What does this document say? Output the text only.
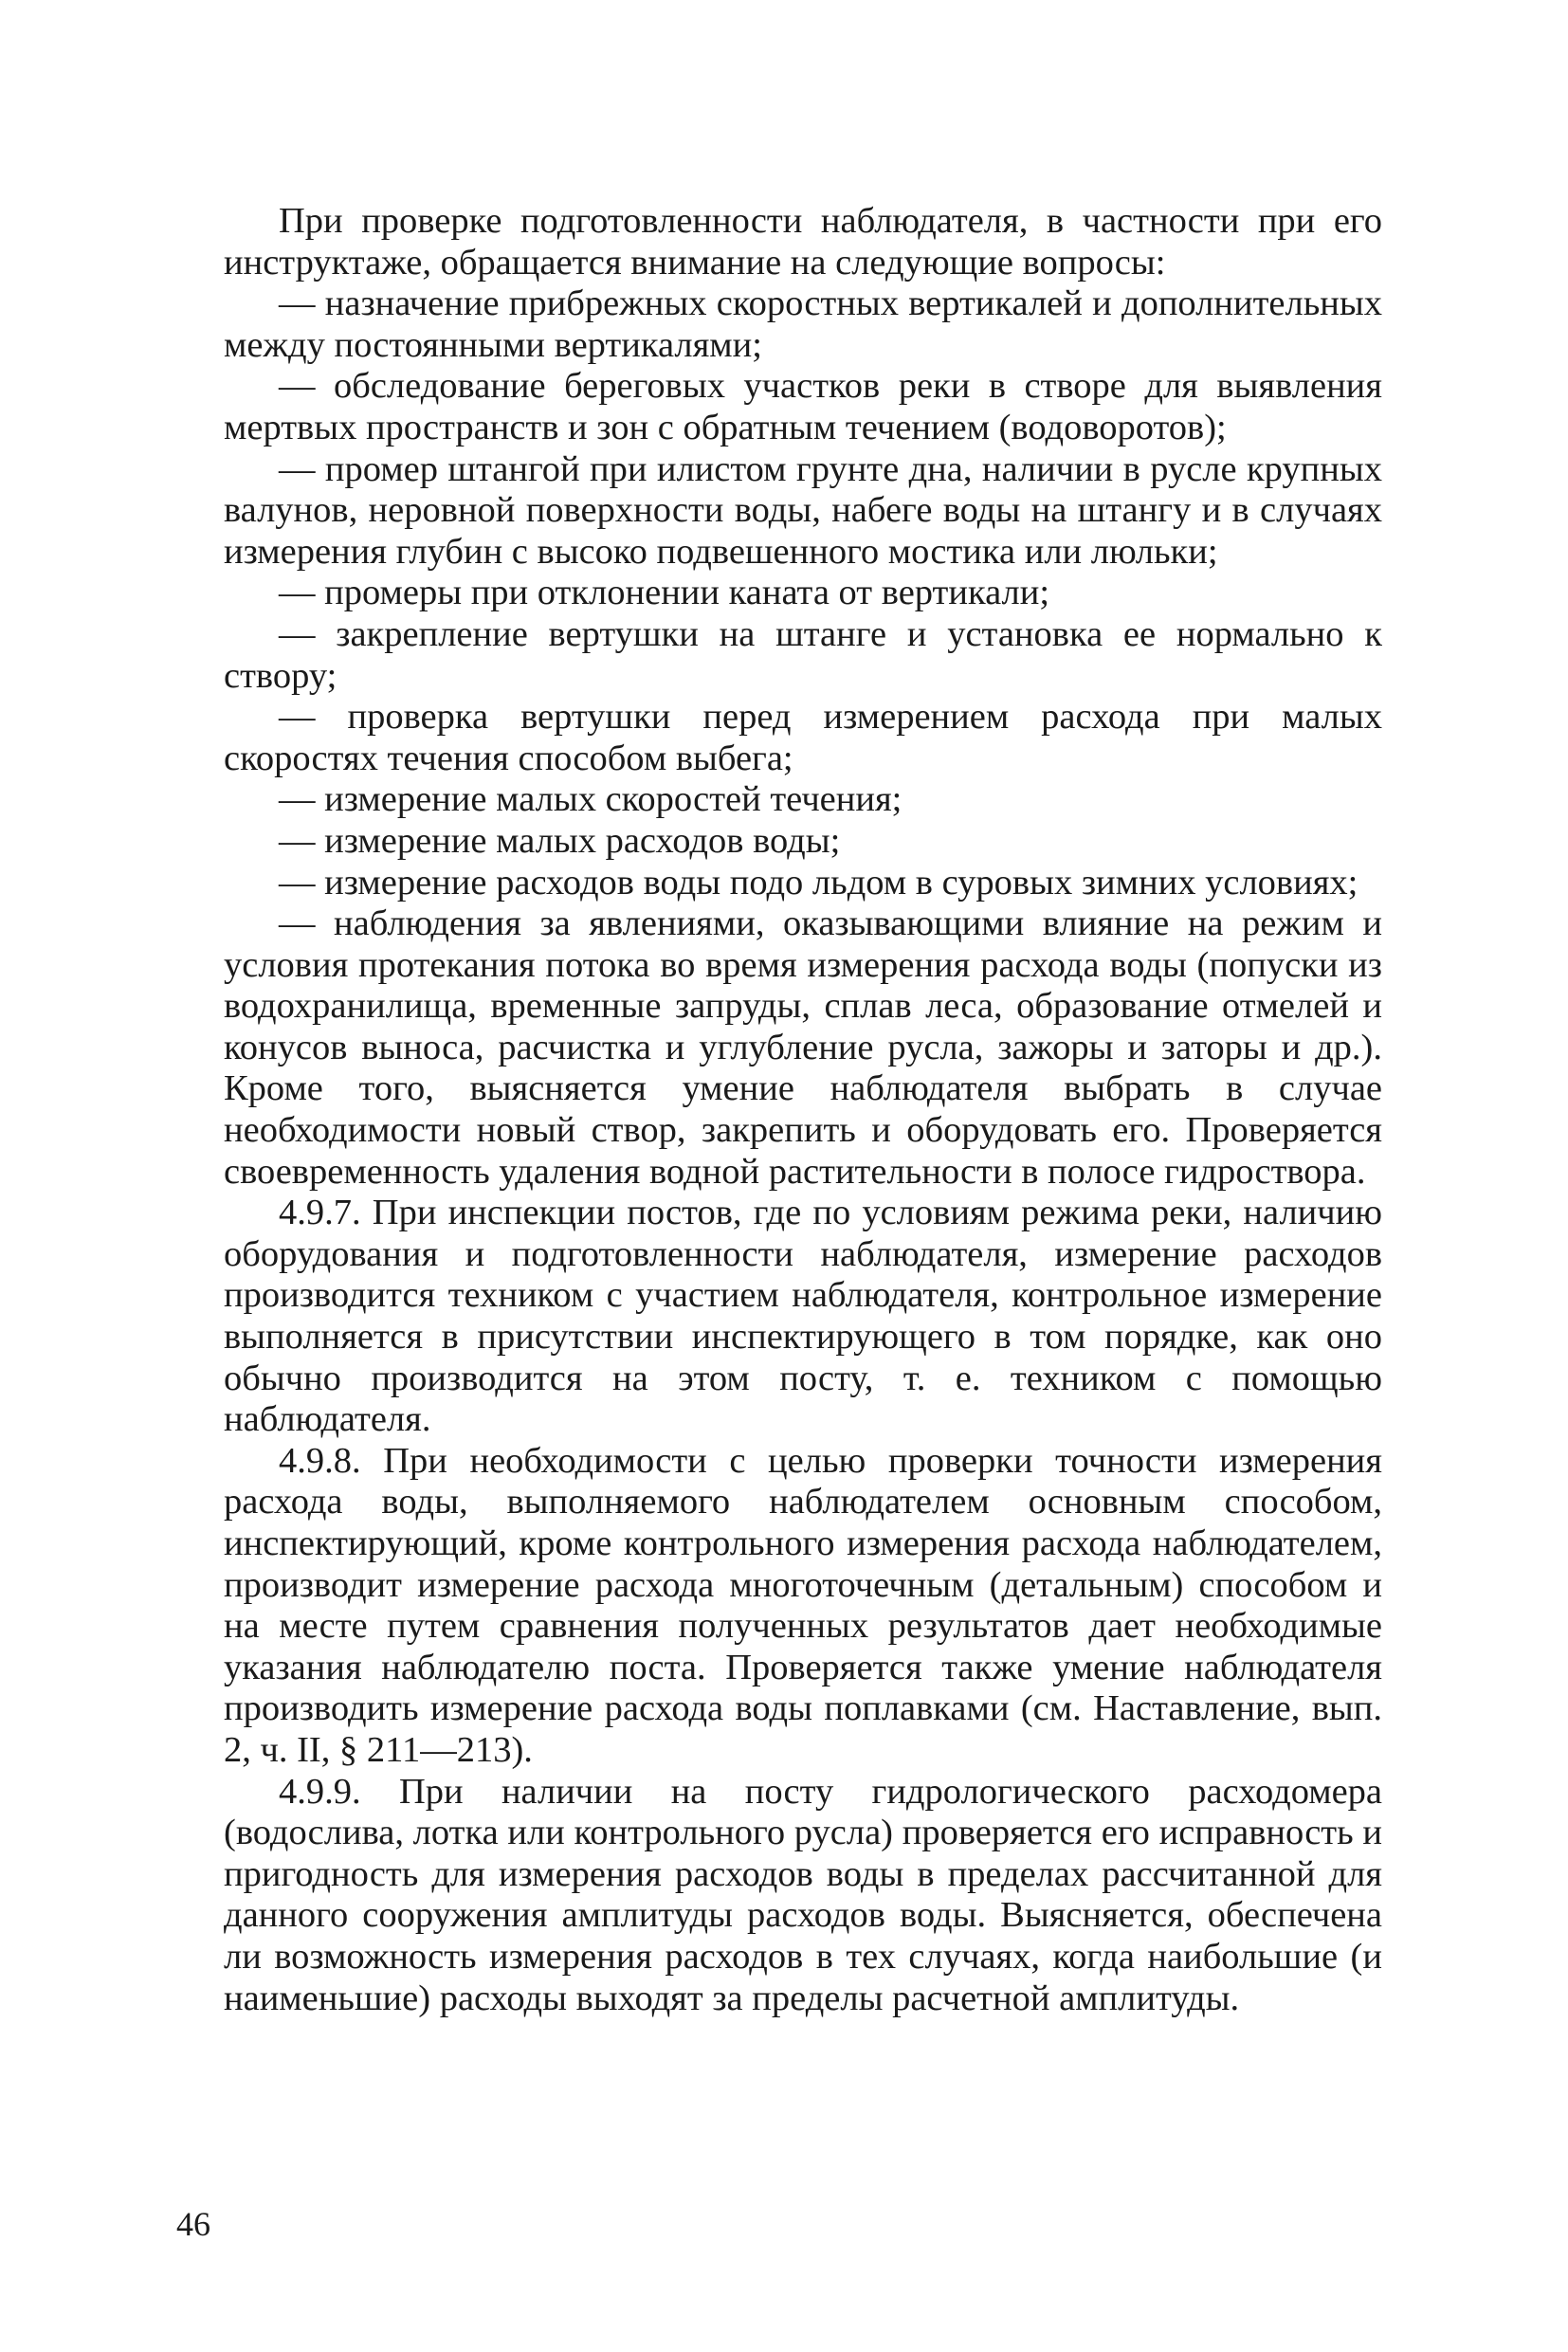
При проверке подготовленности наблюдателя, в частности при его инструктаже, обращается внимание на следующие вопросы:

— назначение прибрежных скоростных вертикалей и дополнительных между постоянными вертикалями;

— обследование береговых участков реки в створе для выявления мертвых пространств и зон с обратным течением (водоворотов);

— промер штангой при илистом грунте дна, наличии в русле крупных валунов, неровной поверхности воды, набеге воды на штангу и в случаях измерения глубин с высоко подвешенного мостика или люльки;

— промеры при отклонении каната от вертикали;

— закрепление вертушки на штанге и установка ее нормально к створу;

— проверка вертушки перед измерением расхода при малых скоростях течения способом выбега;

— измерение малых скоростей течения;

— измерение малых расходов воды;

— измерение расходов воды подо льдом в суровых зимних условиях;

— наблюдения за явлениями, оказывающими влияние на режим и условия протекания потока во время измерения расхода воды (попуски из водохранилища, временные запруды, сплав леса, образование отмелей и конусов выноса, расчистка и углубление русла, зажоры и заторы и др.). Кроме того, выясняется умение наблюдателя выбрать в случае необходимости новый створ, закрепить и оборудовать его. Проверяется своевременность удаления водной растительности в полосе гидроствора.

4.9.7. При инспекции постов, где по условиям режима реки, наличию оборудования и подготовленности наблюдателя, измерение расходов производится техником с участием наблюдателя, контрольное измерение выполняется в присутствии инспектирующего в том порядке, как оно обычно производится на этом посту, т. е. техником с помощью наблюдателя.

4.9.8. При необходимости с целью проверки точности измерения расхода воды, выполняемого наблюдателем основным способом, инспектирующий, кроме контрольного измерения расхода наблюдателем, производит измерение расхода многоточечным (детальным) способом и на месте путем сравнения полученных результатов дает необходимые указания наблюдателю поста. Проверяется также умение наблюдателя производить измерение расхода воды поплавками (см. Наставление, вып. 2, ч. II, § 211—213).

4.9.9. При наличии на посту гидрологического расходомера (водослива, лотка или контрольного русла) проверяется его исправность и пригодность для измерения расходов воды в пределах рассчитанной для данного сооружения амплитуды расходов воды. Выясняется, обеспечена ли возможность измерения расходов в тех случаях, когда наибольшие (и наименьшие) расходы выходят за пределы расчетной амплитуды.

46
